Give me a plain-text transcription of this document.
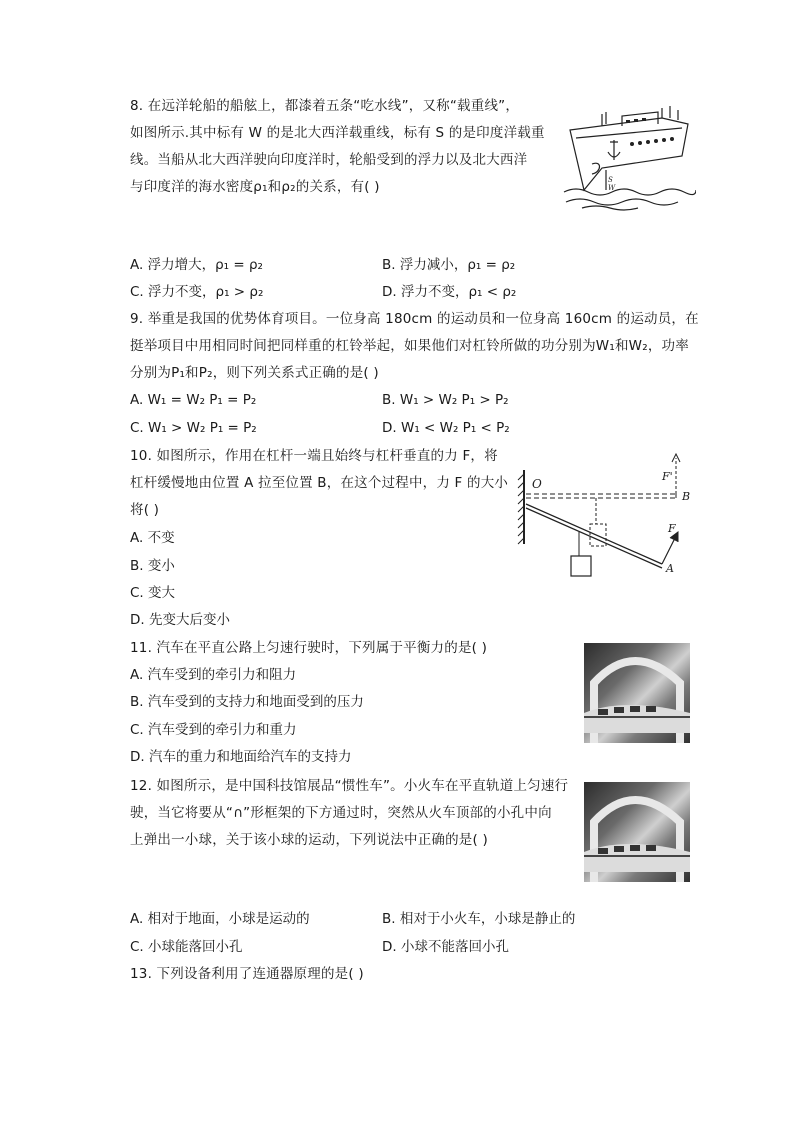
8. 在远洋轮船的船舷上，都漆着五条“吃水线”，又称“载重线”，
如图所示.其中标有 W 的是北大西洋载重线，标有 S 的是印度洋载重
线。当船从北大西洋驶向印度洋时，轮船受到的浮力以及北大西洋
与印度洋的海水密度ρ₁和ρ₂的关系，有( )	S
W
A. 浮力增大，ρ₁ = ρ₂	B. 浮力减小，ρ₁ = ρ₂
C. 浮力不变，ρ₁ > ρ₂	D. 浮力不变，ρ₁ < ρ₂
9. 举重是我国的优势体育项目。一位身高 180cm 的运动员和一位身高 160cm 的运动员，在
挺举项目中用相同时间把同样重的杠铃举起，如果他们对杠铃所做的功分别为W₁和W₂，功率
分别为P₁和P₂，则下列关系式正确的是( )
A. W₁ = W₂ P₁ = P₂	B. W₁ > W₂ P₁ > P₂
C. W₁ > W₂ P₁ = P₂	D. W₁ < W₂ P₁ < P₂
10. 如图所示，作用在杠杆一端且始终与杠杆垂直的力 F，将
杠杆缓慢地由位置 A 拉至位置 B，在这个过程中，力 F 的大小
将( )
A. 不变
B. 变小
C. 变大
D. 先变大后变小
O
B
A
F
F'
11. 汽车在平直公路上匀速行驶时，下列属于平衡力的是( )
A. 汽车受到的牵引力和阻力
B. 汽车受到的支持力和地面受到的压力
C. 汽车受到的牵引力和重力
D. 汽车的重力和地面给汽车的支持力
12. 如图所示，是中国科技馆展品“惯性车”。小火车在平直轨道上匀速行
驶，当它将要从“∩”形框架的下方通过时，突然从火车顶部的小孔中向
上弹出一小球，关于该小球的运动，下列说法中正确的是( )
A. 相对于地面，小球是运动的	B. 相对于小火车，小球是静止的
C. 小球能落回小孔	D. 小球不能落回小孔
13. 下列设备利用了连通器原理的是( )
